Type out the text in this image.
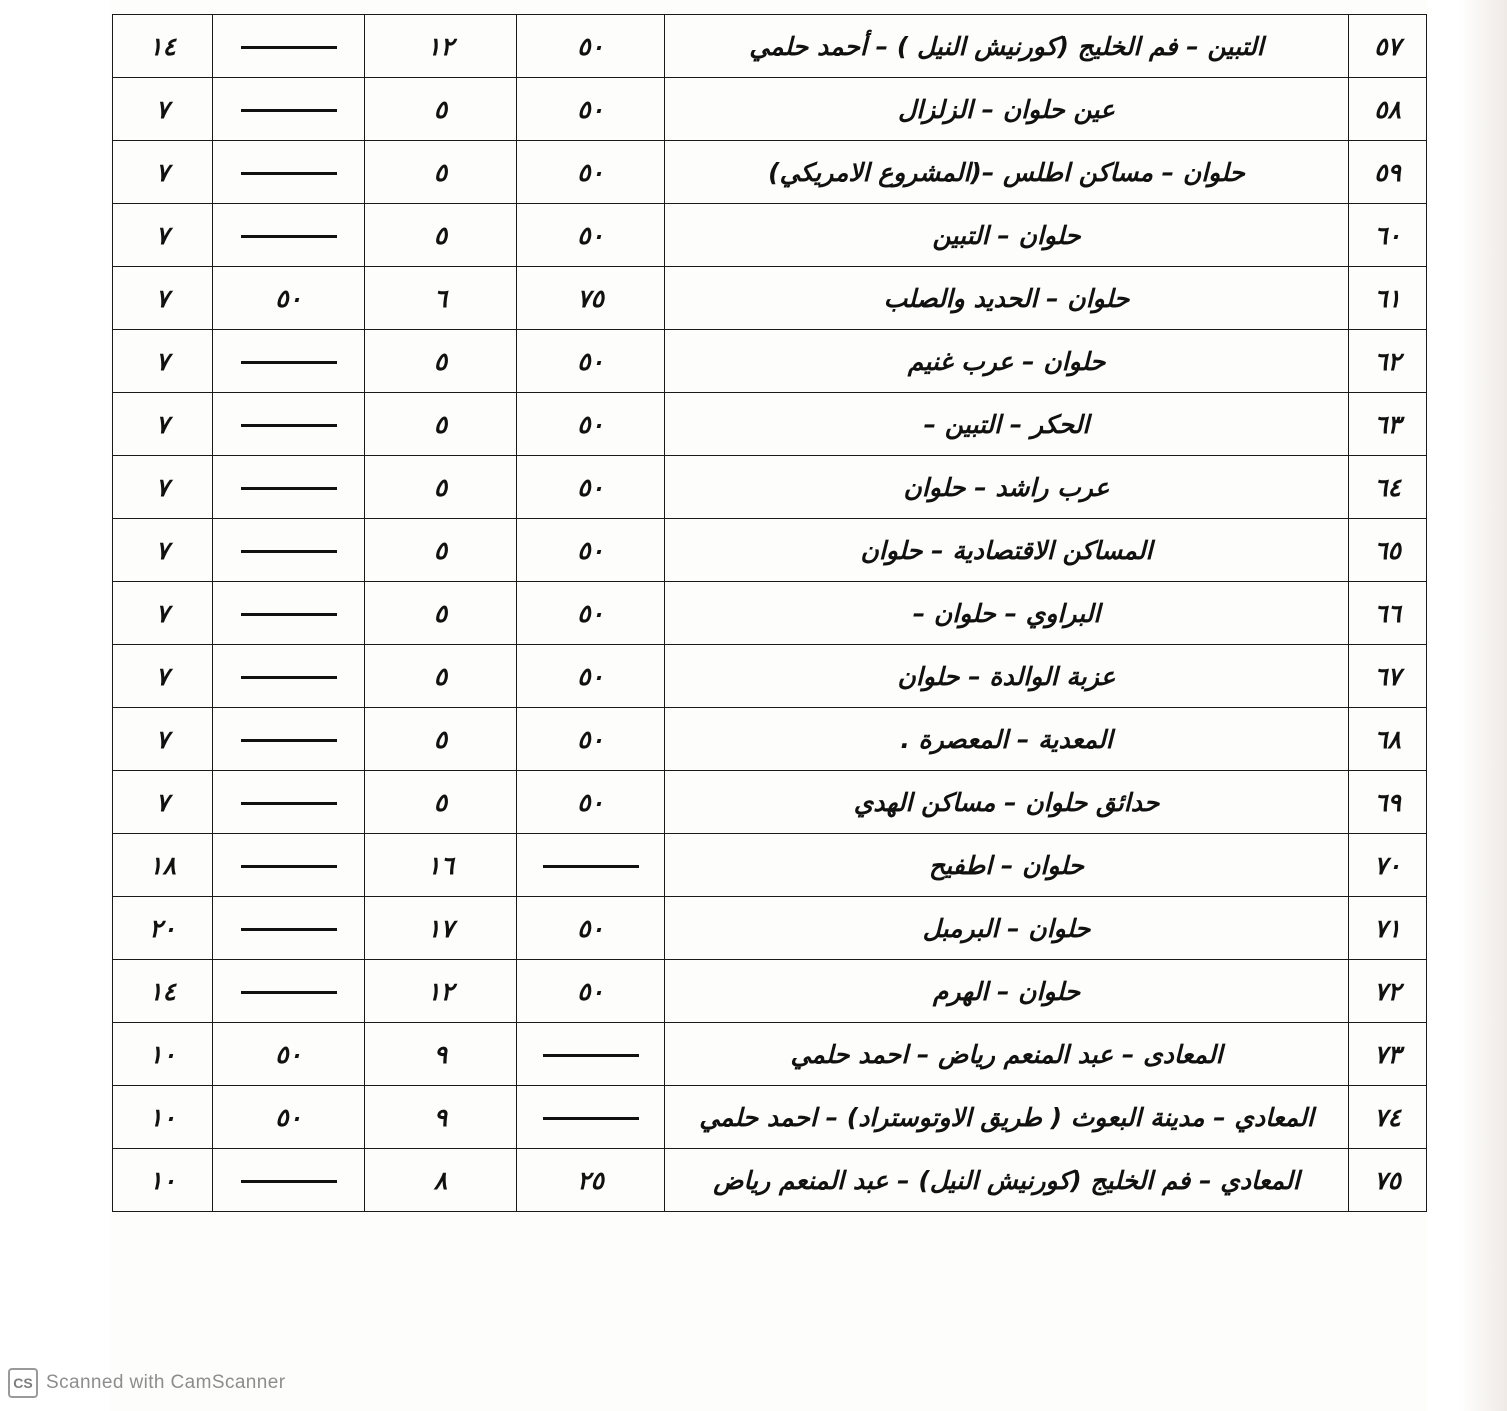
٥٧	التبين – فم الخليج (كورنيش النيل ) – أحمد حلمي	٥٠	١٢		١٤
٥٨	عين حلوان – الزلزال	٥٠	٥		٧
٥٩	حلوان – مساكن اطلس –(المشروع الامريكي)	٥٠	٥		٧
٦٠	حلوان – التبين	٥٠	٥		٧
٦١	حلوان – الحديد والصلب	٧٥	٦	٥٠	٧
٦٢	حلوان – عرب غنيم	٥٠	٥		٧
٦٣	الحكر – التبين –	٥٠	٥		٧
٦٤	عرب راشد – حلوان	٥٠	٥		٧
٦٥	المساكن الاقتصادية – حلوان	٥٠	٥		٧
٦٦	البراوي – حلوان –	٥٠	٥		٧
٦٧	عزبة الوالدة – حلوان	٥٠	٥		٧
٦٨	المعدية – المعصرة .	٥٠	٥		٧
٦٩	حدائق حلوان – مساكن الهدي	٥٠	٥		٧
٧٠	حلوان – اطفيح		١٦		١٨
٧١	حلوان – البرمبل	٥٠	١٧		٢٠
٧٢	حلوان – الهرم	٥٠	١٢		١٤
٧٣	المعادى – عبد المنعم رياض – احمد حلمي		٩	٥٠	١٠
٧٤	المعادي – مدينة البعوث ( طريق الاوتوستراد) – احمد حلمي		٩	٥٠	١٠
٧٥	المعادي – فم الخليج (كورنيش النيل) – عبد المنعم رياض	٢٥	٨		١٠
CS Scanned with CamScanner
